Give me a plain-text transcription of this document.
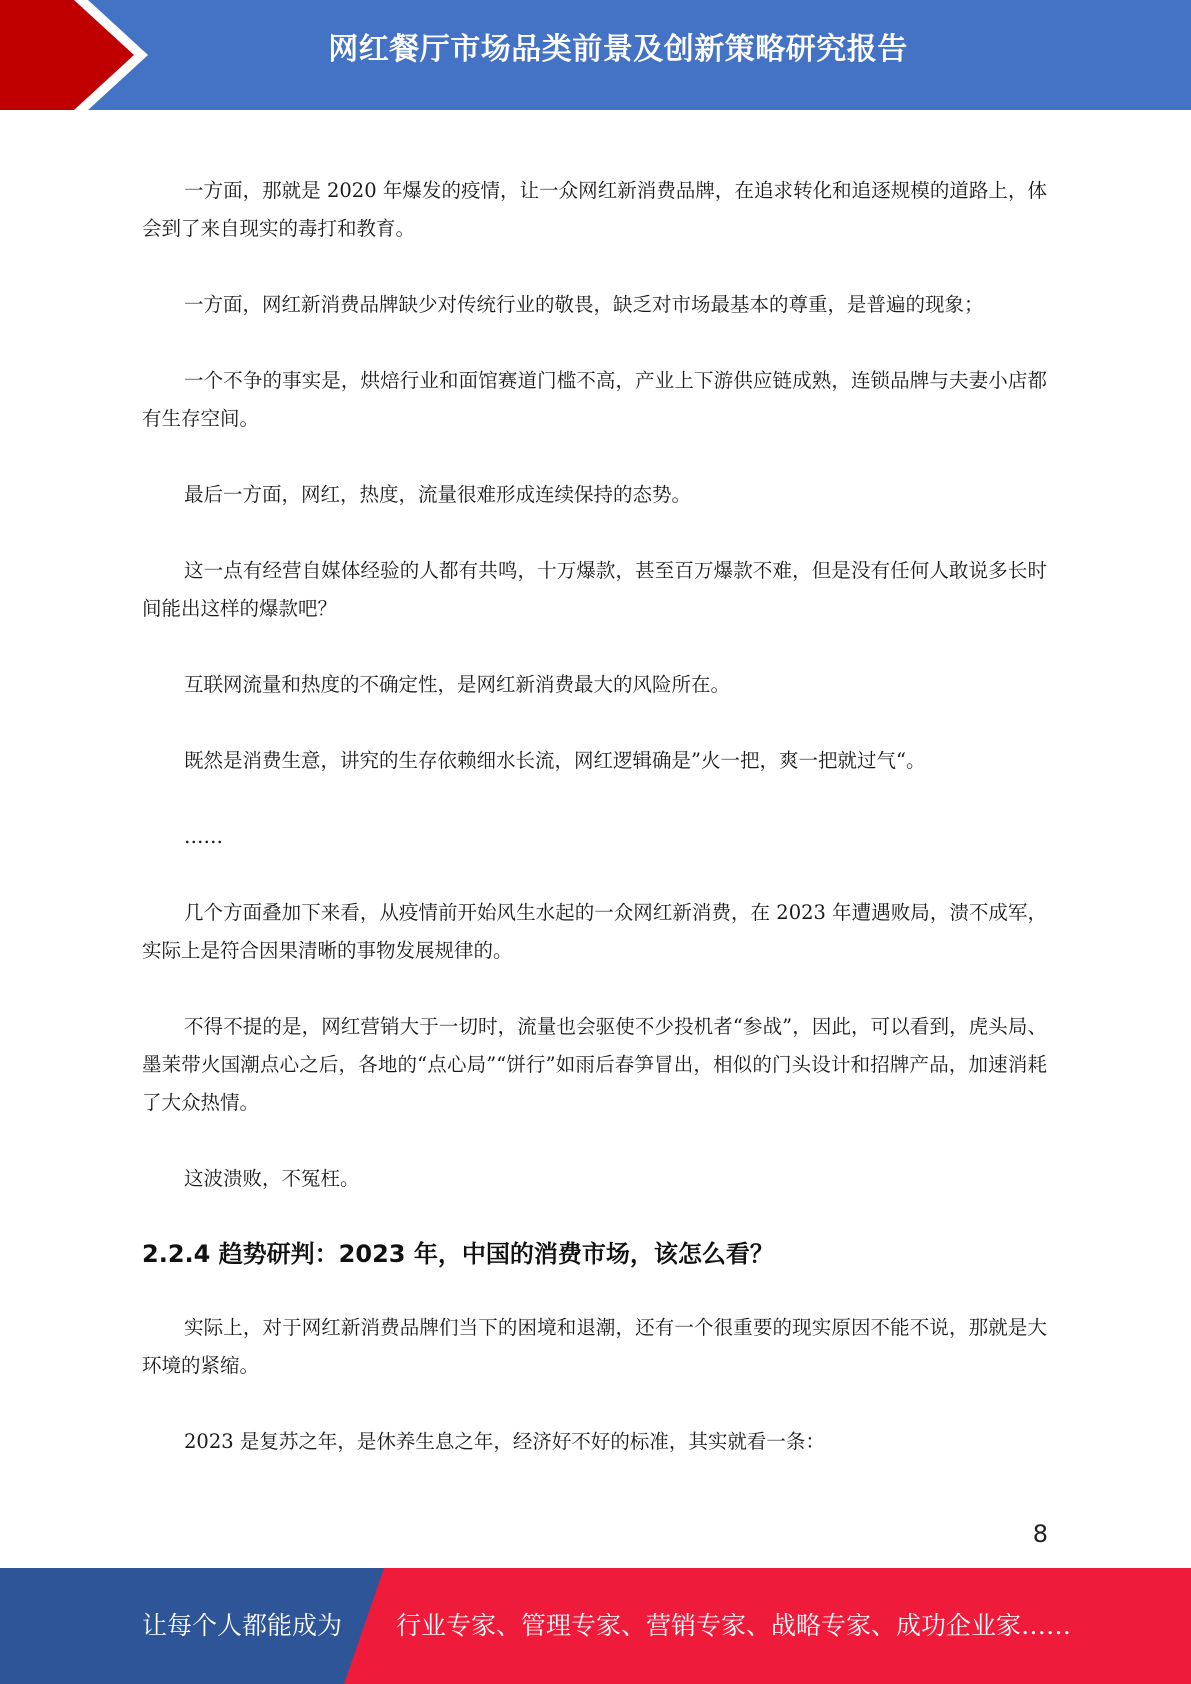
网红餐厅市场品类前景及创新策略研究报告

一方面，那就是 2020 年爆发的疫情，让一众网红新消费品牌，在追求转化和追逐规模的道路上，体会到了来自现实的毒打和教育。

一方面，网红新消费品牌缺少对传统行业的敬畏，缺乏对市场最基本的尊重，是普遍的现象；

一个不争的事实是，烘焙行业和面馆赛道门槛不高，产业上下游供应链成熟，连锁品牌与夫妻小店都有生存空间。

最后一方面，网红，热度，流量很难形成连续保持的态势。

这一点有经营自媒体经验的人都有共鸣，十万爆款，甚至百万爆款不难，但是没有任何人敢说多长时间能出这样的爆款吧？

互联网流量和热度的不确定性，是网红新消费最大的风险所在。

既然是消费生意，讲究的生存依赖细水长流，网红逻辑确是”火一把，爽一把就过气“。

……

几个方面叠加下来看，从疫情前开始风生水起的一众网红新消费，在 2023 年遭遇败局，溃不成军，实际上是符合因果清晰的事物发展规律的。

不得不提的是，网红营销大于一切时，流量也会驱使不少投机者“参战”，因此，可以看到，虎头局、墨茉带火国潮点心之后，各地的“点心局”“饼行”如雨后春笋冒出，相似的门头设计和招牌产品，加速消耗了大众热情。

这波溃败，不冤枉。

2.2.4 趋势研判：2023 年，中国的消费市场，该怎么看？

实际上，对于网红新消费品牌们当下的困境和退潮，还有一个很重要的现实原因不能不说，那就是大环境的紧缩。

2023 是复苏之年，是休养生息之年，经济好不好的标准，其实就看一条：

8
让每个人都能成为 行业专家、管理专家、营销专家、战略专家、成功企业家……
